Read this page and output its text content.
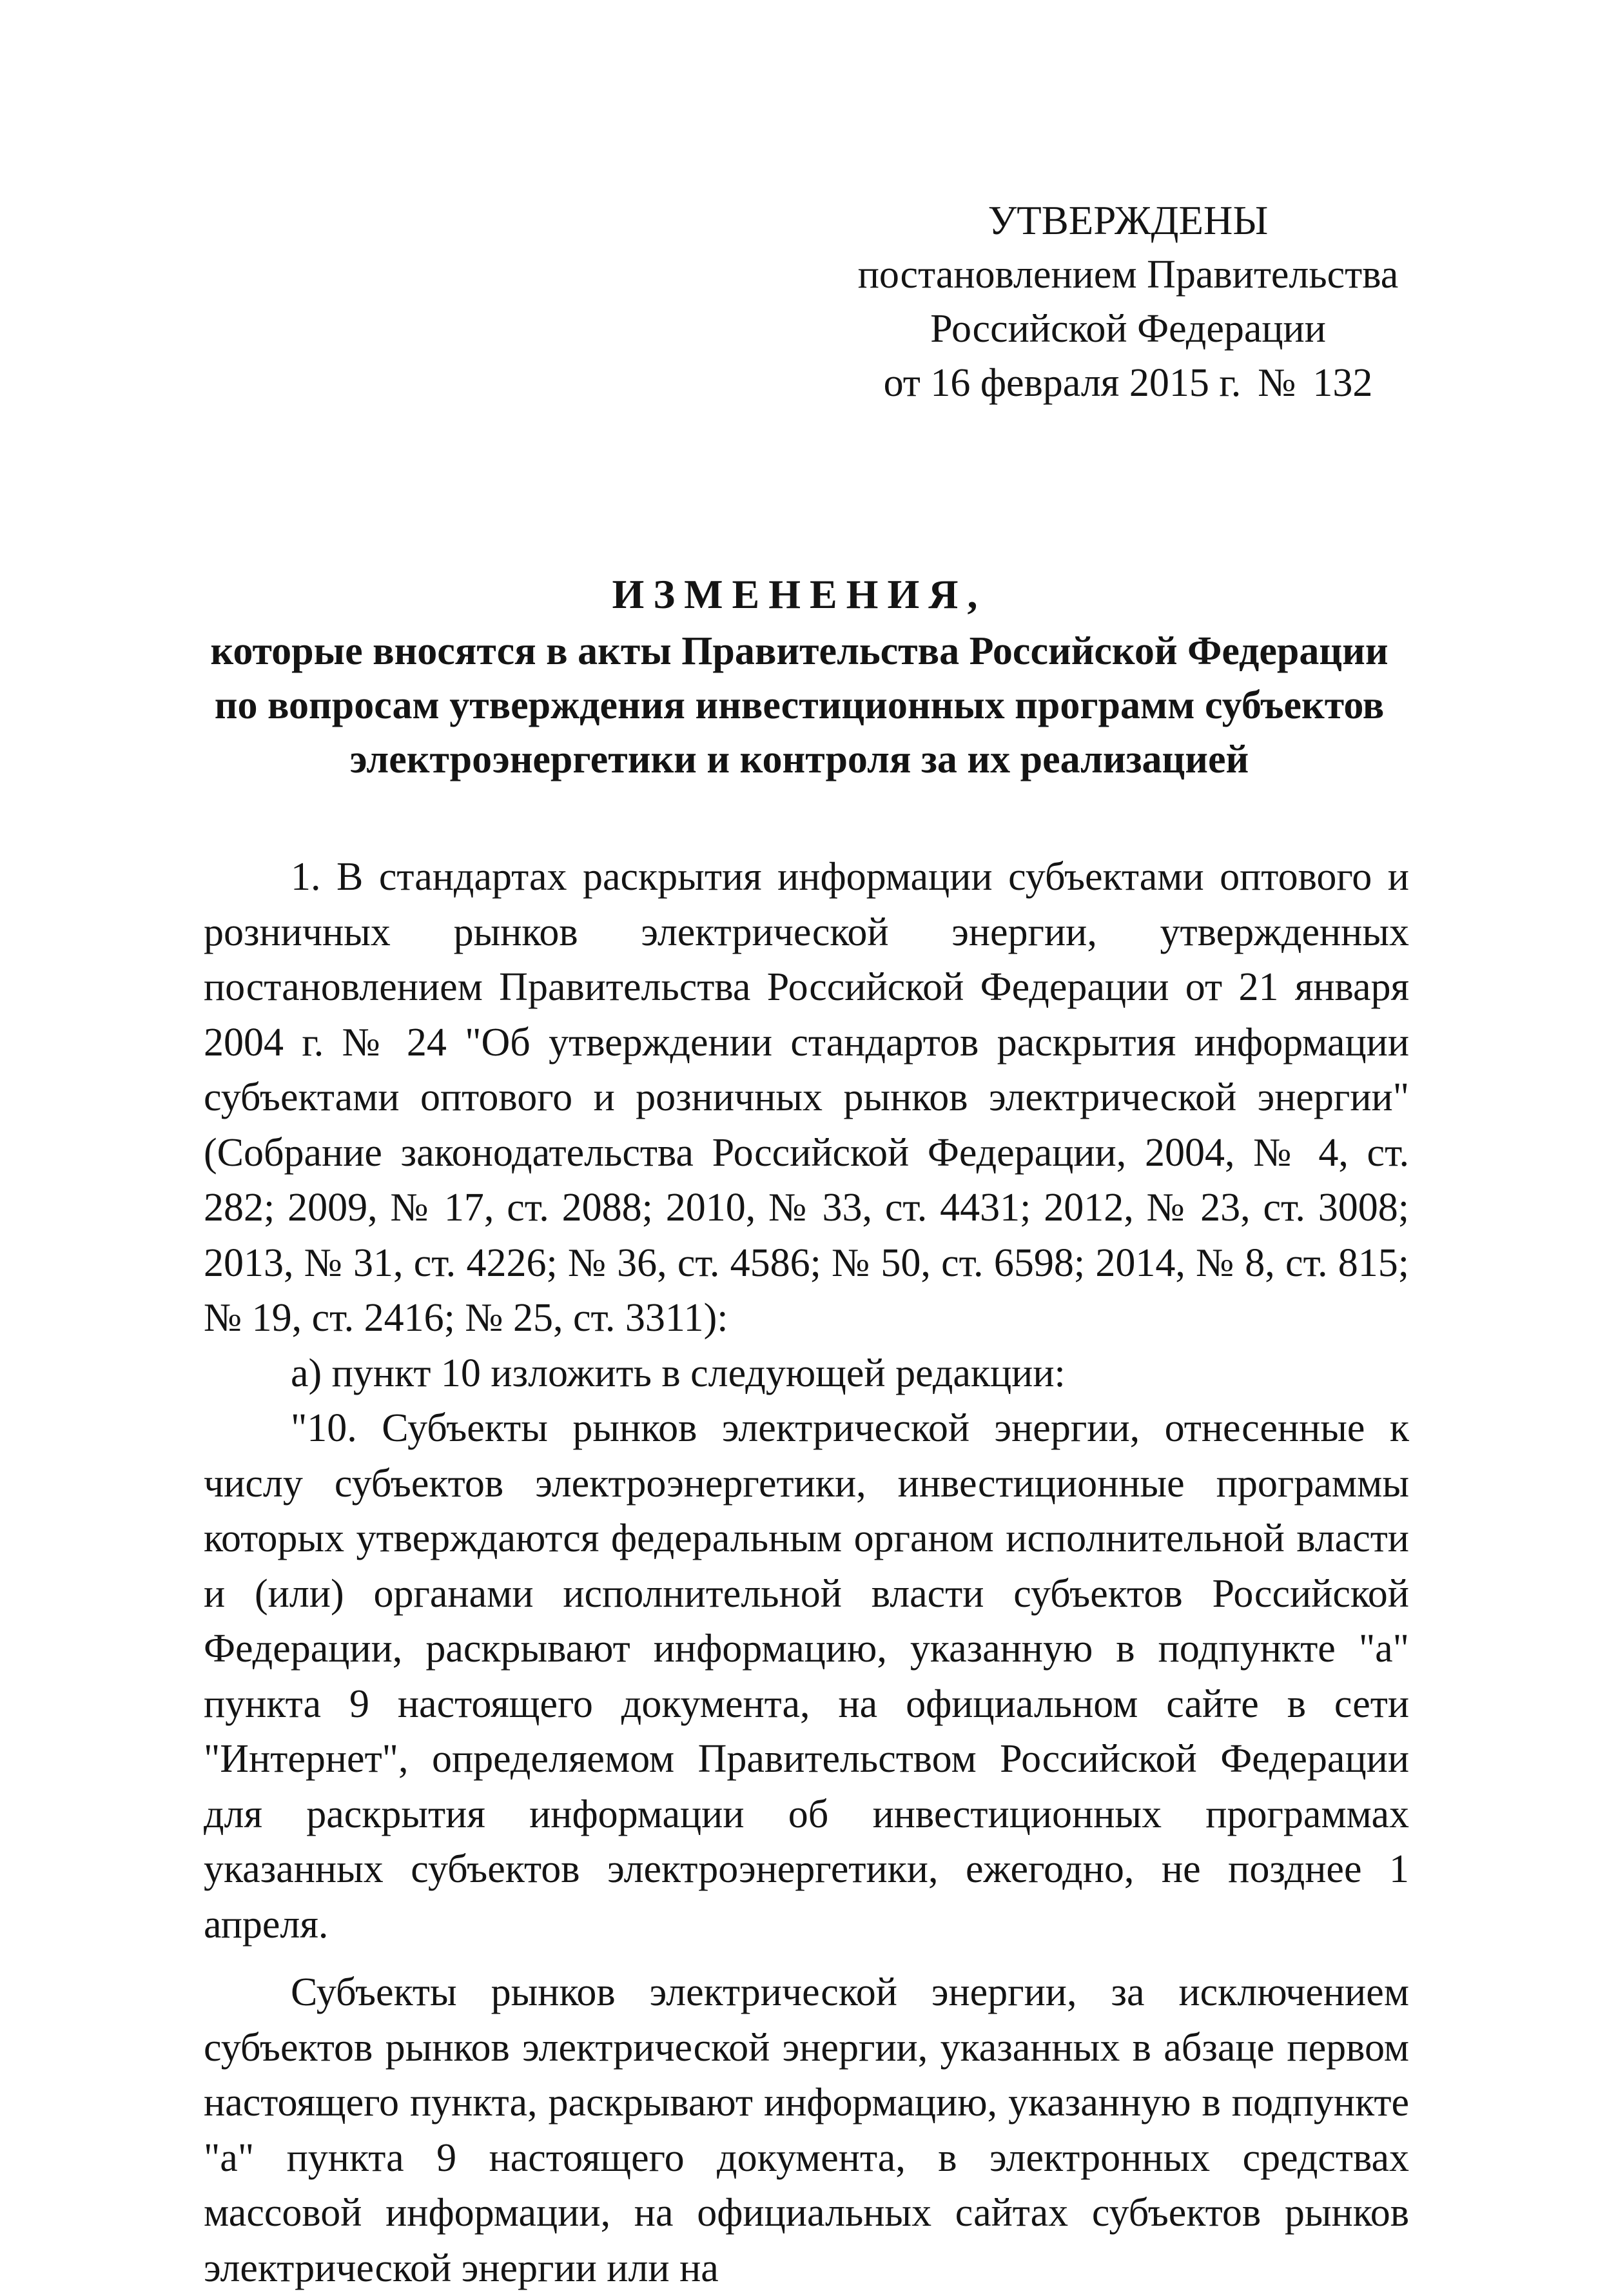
УТВЕРЖДЕНЫ
постановлением Правительства
Российской Федерации
от 16 февраля 2015 г. № 132
ИЗМЕНЕНИЯ,
которые вносятся в акты Правительства Российской Федерации
по вопросам утверждения инвестиционных программ субъектов
электроэнергетики и контроля за их реализацией

1. В стандартах раскрытия информации субъектами оптового и розничных рынков электрической энергии, утвержденных постановлением Правительства Российской Федерации от 21 января 2004 г. № 24 "Об утверждении стандартов раскрытия информации субъектами оптового и розничных рынков электрической энергии" (Собрание законодательства Российской Федерации, 2004, № 4, ст. 282; 2009, № 17, ст. 2088; 2010, № 33, ст. 4431; 2012, № 23, ст. 3008; 2013, № 31, ст. 4226; № 36, ст. 4586; № 50, ст. 6598; 2014, № 8, ст. 815; № 19, ст. 2416; № 25, ст. 3311):

а) пункт 10 изложить в следующей редакции:

"10. Субъекты рынков электрической энергии, отнесенные к числу субъектов электроэнергетики, инвестиционные программы которых утверждаются федеральным органом исполнительной власти и (или) органами исполнительной власти субъектов Российской Федерации, раскрывают информацию, указанную в подпункте "а" пункта 9 настоящего документа, на официальном сайте в сети "Интернет", определяемом Правительством Российской Федерации для раскрытия информации об инвестиционных программах указанных субъектов электроэнергетики, ежегодно, не позднее 1 апреля.

Субъекты рынков электрической энергии, за исключением субъектов рынков электрической энергии, указанных в абзаце первом настоящего пункта, раскрывают информацию, указанную в подпункте "а" пункта 9 настоящего документа, в электронных средствах массовой информации, на официальных сайтах субъектов рынков электрической энергии или на
